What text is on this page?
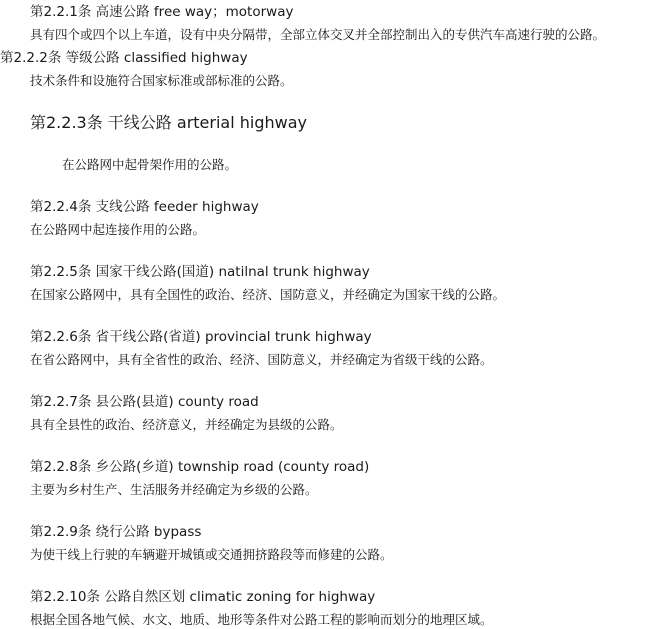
第2.2.1条 高速公路 free way；motorway
具有四个或四个以上车道，设有中央分隔带，全部立体交叉并全部控制出入的专供汽车高速行驶的公路。
第2.2.2条 等级公路 classified highway
技术条件和设施符合国家标准或部标准的公路。
第2.2.3条 干线公路 arterial highway
在公路网中起骨架作用的公路。
第2.2.4条 支线公路 feeder highway
在公路网中起连接作用的公路。
第2.2.5条 国家干线公路(国道) natilnal trunk highway
在国家公路网中，具有全国性的政治、经济、国防意义，并经确定为国家干线的公路。
第2.2.6条 省干线公路(省道) provincial trunk highway
在省公路网中，具有全省性的政治、经济、国防意义，并经确定为省级干线的公路。
第2.2.7条 县公路(县道) county road
具有全县性的政治、经济意义，并经确定为县级的公路。
第2.2.8条 乡公路(乡道) township road (county road)
主要为乡村生产、生活服务并经确定为乡级的公路。
第2.2.9条 绕行公路 bypass
为使干线上行驶的车辆避开城镇或交通拥挤路段等而修建的公路。
第2.2.10条 公路自然区划 climatic zoning for highway
根据全国各地气候、水文、地质、地形等条件对公路工程的影响而划分的地理区域。
